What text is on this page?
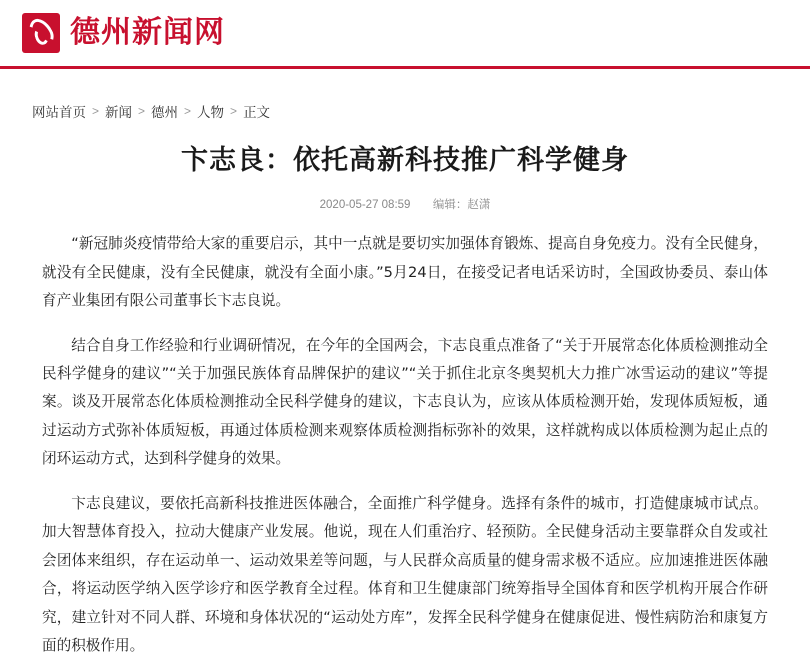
德州新闻网
网站首页 > 新闻 > 德州 > 人物 > 正文
卞志良：依托高新科技推广科学健身
2020-05-27 08:59 编辑：赵潇

“新冠肺炎疫情带给大家的重要启示，其中一点就是要切实加强体育锻炼、提高自身免疫力。没有全民健身，就没有全民健康，没有全民健康，就没有全面小康。”5月24日，在接受记者电话采访时，全国政协委员、泰山体育产业集团有限公司董事长卞志良说。

结合自身工作经验和行业调研情况，在今年的全国两会，卞志良重点准备了“关于开展常态化体质检测推动全民科学健身的建议”“关于加强民族体育品牌保护的建议”“关于抓住北京冬奥契机大力推广冰雪运动的建议”等提案。谈及开展常态化体质检测推动全民科学健身的建议，卞志良认为，应该从体质检测开始，发现体质短板，通过运动方式弥补体质短板，再通过体质检测来观察体质检测指标弥补的效果，这样就构成以体质检测为起止点的闭环运动方式，达到科学健身的效果。

卞志良建议，要依托高新科技推进医体融合，全面推广科学健身。选择有条件的城市，打造健康城市试点。加大智慧体育投入，拉动大健康产业发展。他说，现在人们重治疗、轻预防。全民健身活动主要靠群众自发或社会团体来组织，存在运动单一、运动效果差等问题，与人民群众高质量的健身需求极不适应。应加速推进医体融合，将运动医学纳入医学诊疗和医学教育全过程。体育和卫生健康部门统筹指导全国体育和医学机构开展合作研究，建立针对不同人群、环境和身体状况的“运动处方库”，发挥全民科学健身在健康促进、慢性病防治和康复方面的积极作用。
